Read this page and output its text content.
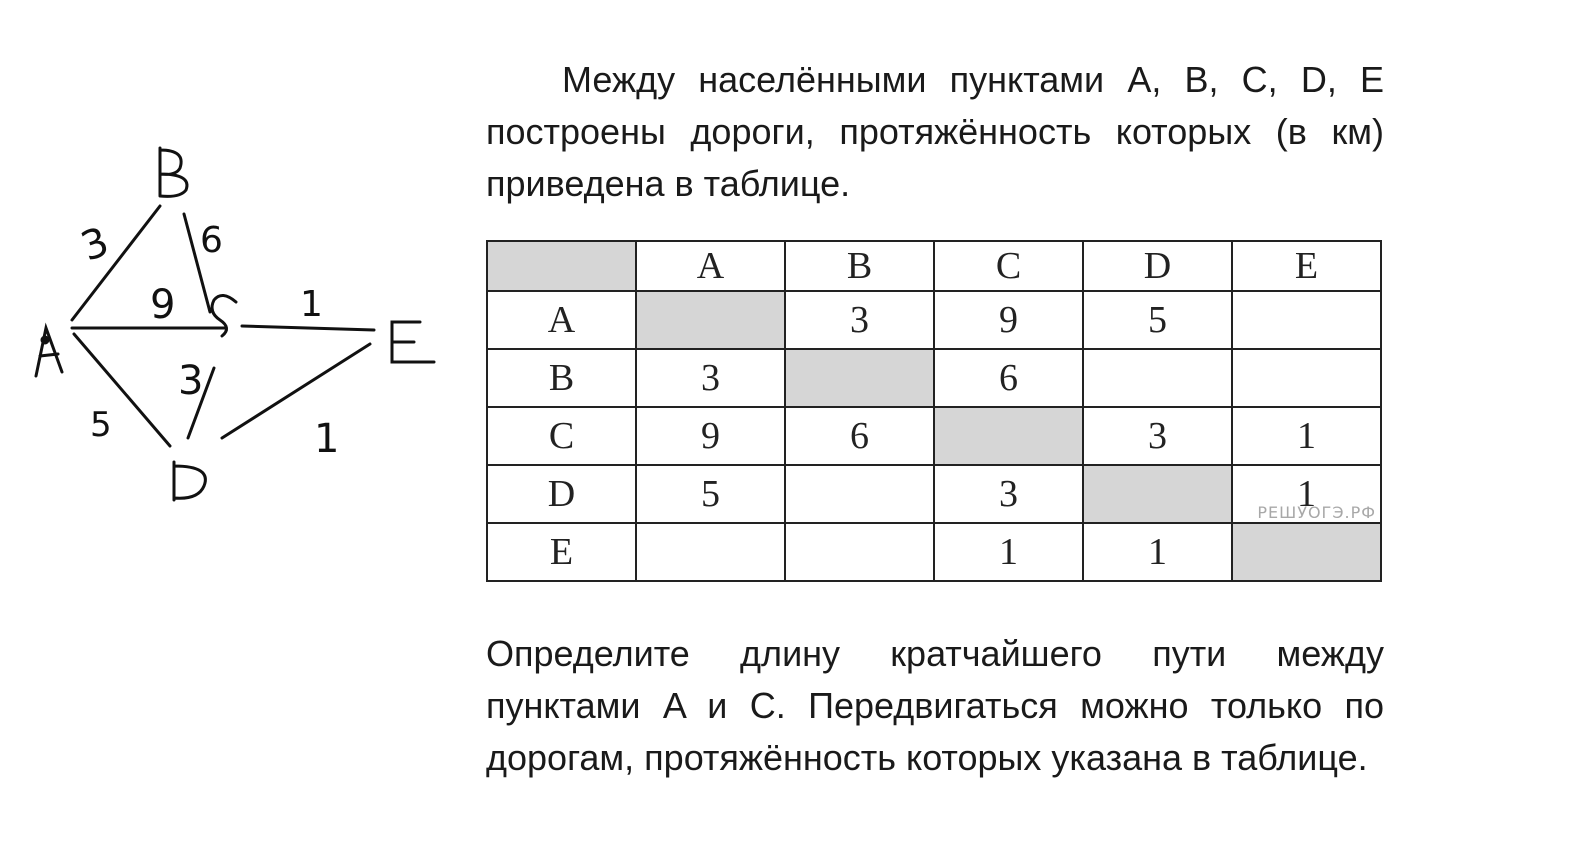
3 6
9	1
3
5	1

Между населёнными пунктами A, B, C, D, E построены дороги, протяжённость которых (в км) приведена в таблице.

	A	B	C	D	E
A		3	9	5	
B	3		6		
C	9	6		3	1
D	5		3		1
РЕШУОГЭ.РФ

E			1	1	

Определите длину кратчайшего пути между пунктами A и C. Передвигаться можно только по дорогам, протяжённость которых указана в таблице.
